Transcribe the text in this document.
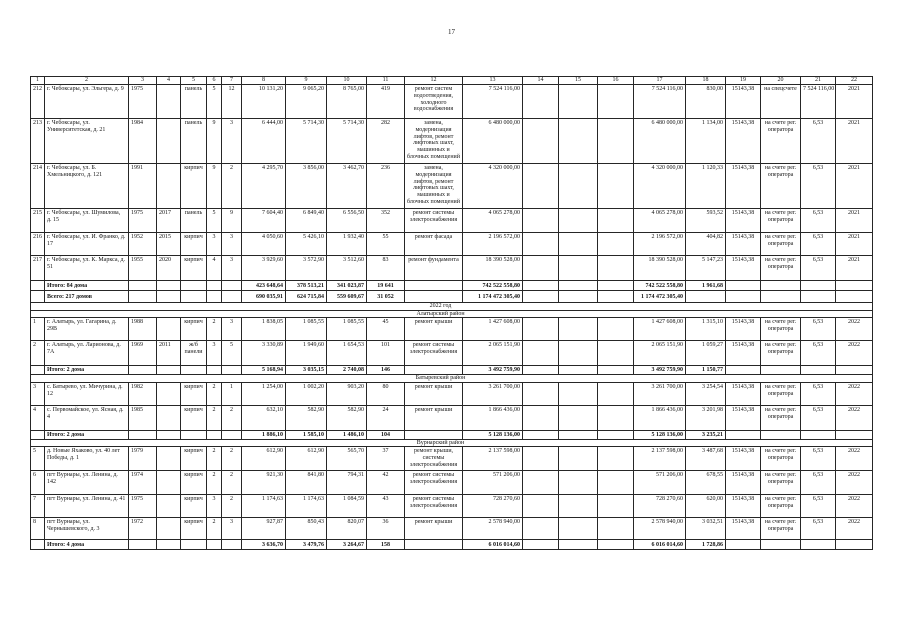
17
1	2	3	4	5	6	7	8	9	10	11	12	13	14	15	16	17	18	19	20	21	22
212	г. Чебоксары, ул. Эльгера, д. 9	1975		панель	5	12	10 131,20	9 065,20	8 765,00	419	ремонт систем водоотведения, холодного водоснабжения	7 524 116,00				7 524 116,00	830,00	15143,38	на спецсчете	7 524 116,00	2021
213	г. Чебоксары, ул. Университетская, д. 21	1984		панель	9	3	6 444,00	5 714,30	5 714,30	282	замена, модернизация лифтов, ремонт лифтовых шахт, машинных и блочных помещений	6 480 000,00				6 480 000,00	1 134,00	15143,38	на счете рег. оператора	6,53	2021
214	г. Чебоксары, ул. Б. Хмельницкого, д. 121	1991		кирпич	9	2	4 295,70	3 856,00	3 462,70	236	замена, модернизация лифтов, ремонт лифтовых шахт, машинных и блочных помещений	4 320 000,00				4 320 000,00	1 120,33	15143,38	на счете рег. оператора	6,53	2021
215	г. Чебоксары, ул. Шумилова, д. 15	1975	2017	панель	5	9	7 604,40	6 849,40	6 556,50	352	ремонт системы электроснабжения	4 065 278,00				4 065 278,00	593,52	15143,38	на счете рег. оператора	6,53	2021
216	г. Чебоксары, ул. И. Франко, д. 17	1952	2015	кирпич	3	3	4 050,60	5 426,10	1 932,40	55	ремонт фасада	2 196 572,00				2 196 572,00	404,82	15143,38	на счете рег. оператора	6,53	2021
217	г. Чебоксары, ул. К. Маркса, д. 51	1955	2020	кирпич	4	3	3 929,60	3 572,90	3 512,60	83	ремонт фундамента	18 390 528,00				18 390 528,00	5 147,23	15143,38	на счете рег. оператора	6,53	2021
	Итого: 84 дома						423 648,64	378 513,21	341 023,87	19 641		742 522 558,80				742 522 558,80	1 961,68				
	Всего: 217 домов						690 035,91	624 715,84	559 609,67	31 052		1 174 472 305,40				1 174 472 305,40					
2022 год																					
Алатырский район																					
1	г. Алатырь, ул. Гагарина, д. 29В	1988		кирпич	2	3	1 838,05	1 085,55	1 085,55	45	ремонт крыши	1 427 608,00				1 427 608,00	1 315,10	15143,38	на счете рег. оператора	6,53	2022
2	г. Алатырь, ул. Ларионова, д. 7А	1969	2011	ж/б панели	3	5	3 330,89	1 949,60	1 654,53	101	ремонт системы электроснабжения	2 065 151,90				2 065 151,90	1 059,27	15143,38	на счете рег. оператора	6,53	2022
	Итого: 2 дома						5 168,94	3 035,15	2 740,08	146		3 492 759,90				3 492 759,90	1 150,77				
Батыревский район																					
3	с. Батырево, ул. Мичурина, д. 12	1982		кирпич	2	1	1 254,00	1 002,20	903,20	80	ремонт крыши	3 261 700,00				3 261 700,00	3 254,54	15143,38	на счете рег. оператора	6,53	2022
4	с. Первомайское, ул. Ясная, д. 4	1985		кирпич	2	2	632,10	582,90	582,90	24	ремонт крыши	1 866 436,00				1 866 436,00	3 201,98	15143,38	на счете рег. оператора	6,53	2022
	Итого: 2 дома						1 886,10	1 585,10	1 486,10	104		5 128 136,00				5 128 136,00	3 235,21				
Вурнарский район																					
5	д. Новые Яхаково, ул. 40 лет Победы, д. 1	1979		кирпич	2	2	612,90	612,90	565,70	37	ремонт крыши, системы электроснабжения	2 137 598,00				2 137 598,00	3 487,68	15143,38	на счете рег. оператора	6,53	2022
6	пгт Вурнары, ул. Ленина, д. 142	1974		кирпич	2	2	921,30	841,80	794,31	42	ремонт системы электроснабжения	571 206,00				571 206,00	678,55	15143,38	на счете рег. оператора	6,53	2022
7	пгт Вурнары, ул. Ленина, д. 41	1975		кирпич	3	2	1 174,63	1 174,63	1 084,59	43	ремонт системы электроснабжения	728 270,60				728 270,60	620,00	15143,38	на счете рег. оператора	6,53	2022
8	пгт Вурнары, ул. Чернышевского, д. 3	1972		кирпич	2	3	927,87	850,43	820,07	36	ремонт крыши	2 578 940,00				2 578 940,00	3 032,51	15143,38	на счете рег. оператора	6,53	2022
	Итого: 4 дома						3 636,70	3 479,76	3 264,67	158		6 016 014,60				6 016 014,60	1 728,86				
